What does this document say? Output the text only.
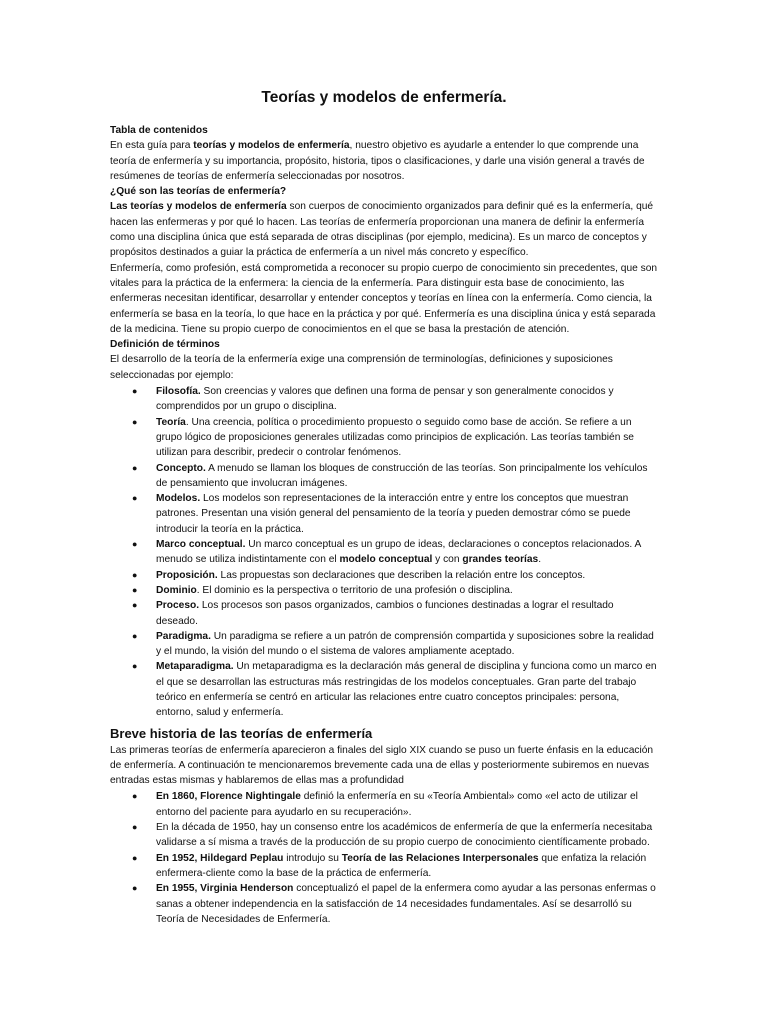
Teorías y modelos de enfermería.
Tabla de contenidos

En esta guía para teorías y modelos de enfermería, nuestro objetivo es ayudarle a entender lo que comprende una teoría de enfermería y su importancia, propósito, historia, tipos o clasificaciones, y darle una visión general a través de resúmenes de teorías de enfermería seleccionadas por nosotros.

¿Qué son las teorías de enfermería?

Las teorías y modelos de enfermería son cuerpos de conocimiento organizados para definir qué es la enfermería, qué hacen las enfermeras y por qué lo hacen. Las teorías de enfermería proporcionan una manera de definir la enfermería como una disciplina única que está separada de otras disciplinas (por ejemplo, medicina). Es un marco de conceptos y propósitos destinados a guiar la práctica de enfermería a un nivel más concreto y específico.

Enfermería, como profesión, está comprometida a reconocer su propio cuerpo de conocimiento sin precedentes, que son vitales para la práctica de la enfermera: la ciencia de la enfermería. Para distinguir esta base de conocimiento, las enfermeras necesitan identificar, desarrollar y entender conceptos y teorías en línea con la enfermería. Como ciencia, la enfermería se basa en la teoría, lo que hace en la práctica y por qué. Enfermería es una disciplina única y está separada de la medicina. Tiene su propio cuerpo de conocimientos en el que se basa la prestación de atención.

Definición de términos

El desarrollo de la teoría de la enfermería exige una comprensión de terminologías, definiciones y suposiciones seleccionadas por ejemplo:

● Filosofía. Son creencias y valores que definen una forma de pensar y son generalmente conocidos y comprendidos por un grupo o disciplina.
● Teoría. Una creencia, política o procedimiento propuesto o seguido como base de acción. Se refiere a un grupo lógico de proposiciones generales utilizadas como principios de explicación. Las teorías también se utilizan para describir, predecir o controlar fenómenos.
● Concepto. A menudo se llaman los bloques de construcción de las teorías. Son principalmente los vehículos de pensamiento que involucran imágenes.
● Modelos. Los modelos son representaciones de la interacción entre y entre los conceptos que muestran patrones. Presentan una visión general del pensamiento de la teoría y pueden demostrar cómo se puede introducir la teoría en la práctica.
● Marco conceptual. Un marco conceptual es un grupo de ideas, declaraciones o conceptos relacionados. A menudo se utiliza indistintamente con el modelo conceptual y con grandes teorías.
● Proposición. Las propuestas son declaraciones que describen la relación entre los conceptos.
● Dominio. El dominio es la perspectiva o territorio de una profesión o disciplina.
● Proceso. Los procesos son pasos organizados, cambios o funciones destinadas a lograr el resultado deseado.
● Paradigma. Un paradigma se refiere a un patrón de comprensión compartida y suposiciones sobre la realidad y el mundo, la visión del mundo o el sistema de valores ampliamente aceptado.
● Metaparadigma. Un metaparadigma es la declaración más general de disciplina y funciona como un marco en el que se desarrollan las estructuras más restringidas de los modelos conceptuales. Gran parte del trabajo teórico en enfermería se centró en articular las relaciones entre cuatro conceptos principales: persona, entorno, salud y enfermería.
Breve historia de las teorías de enfermería

Las primeras teorías de enfermería aparecieron a finales del siglo XIX cuando se puso un fuerte énfasis en la educación de enfermería. A continuación te mencionaremos brevemente cada una de ellas y posteriormente subiremos en nuevas entradas estas mismas y hablaremos de ellas mas a profundidad

● En 1860, Florence Nightingale definió la enfermería en su «Teoría Ambiental» como «el acto de utilizar el entorno del paciente para ayudarlo en su recuperación».
● En la década de 1950, hay un consenso entre los académicos de enfermería de que la enfermería necesitaba validarse a sí misma a través de la producción de su propio cuerpo de conocimiento científicamente probado.
● En 1952, Hildegard Peplau introdujo su Teoría de las Relaciones Interpersonales que enfatiza la relación enfermera-cliente como la base de la práctica de enfermería.
● En 1955, Virginia Henderson conceptualizó el papel de la enfermera como ayudar a las personas enfermas o sanas a obtener independencia en la satisfacción de 14 necesidades fundamentales. Así se desarrolló su Teoría de Necesidades de Enfermería.
